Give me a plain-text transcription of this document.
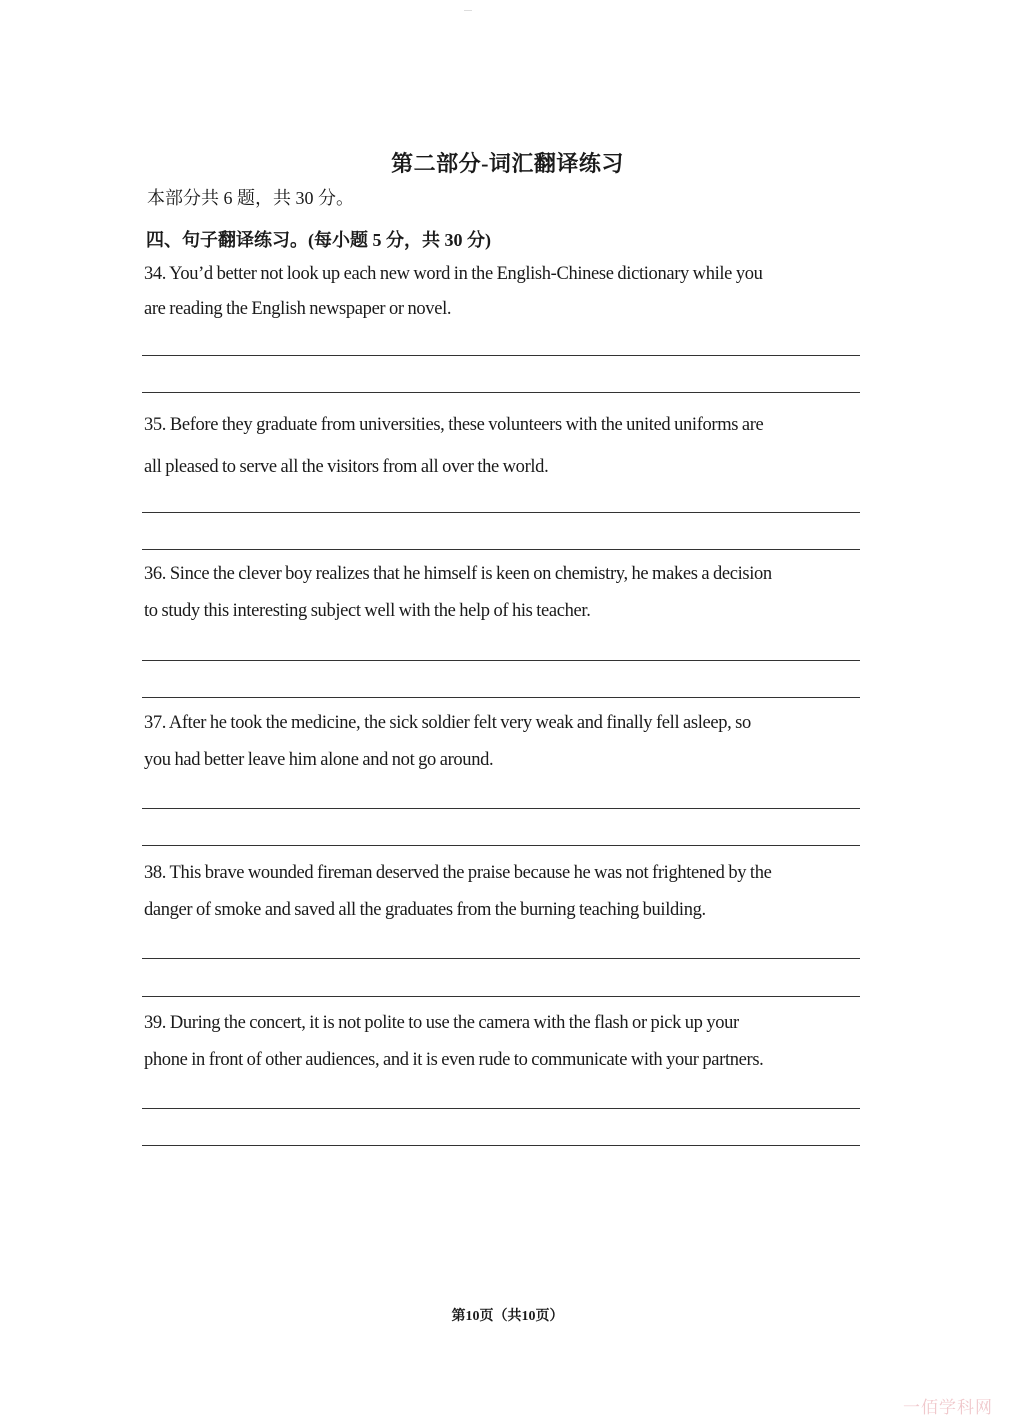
第二部分-词汇翻译练习
本部分共 6 题，共 30 分。
四、句子翻译练习。(每小题 5 分，共 30 分)
34. You’d better not look up each new word in the English-Chinese dictionary while you
are reading the English newspaper or novel.
35. Before they graduate from universities, these volunteers with the united uniforms are
all pleased to serve all the visitors from all over the world.
36. Since the clever boy realizes that he himself is keen on chemistry, he makes a decision
to study this interesting subject well with the help of his teacher.
37. After he took the medicine, the sick soldier felt very weak and finally fell asleep, so
you had better leave him alone and not go around.
38. This brave wounded fireman deserved the praise because he was not frightened by the
danger of smoke and saved all the graduates from the burning teaching building.
39. During the concert, it is not polite to use the camera with the flash or pick up your
phone in front of other audiences, and it is even rude to communicate with your partners.
第10页（共10页）
一佰学科网
